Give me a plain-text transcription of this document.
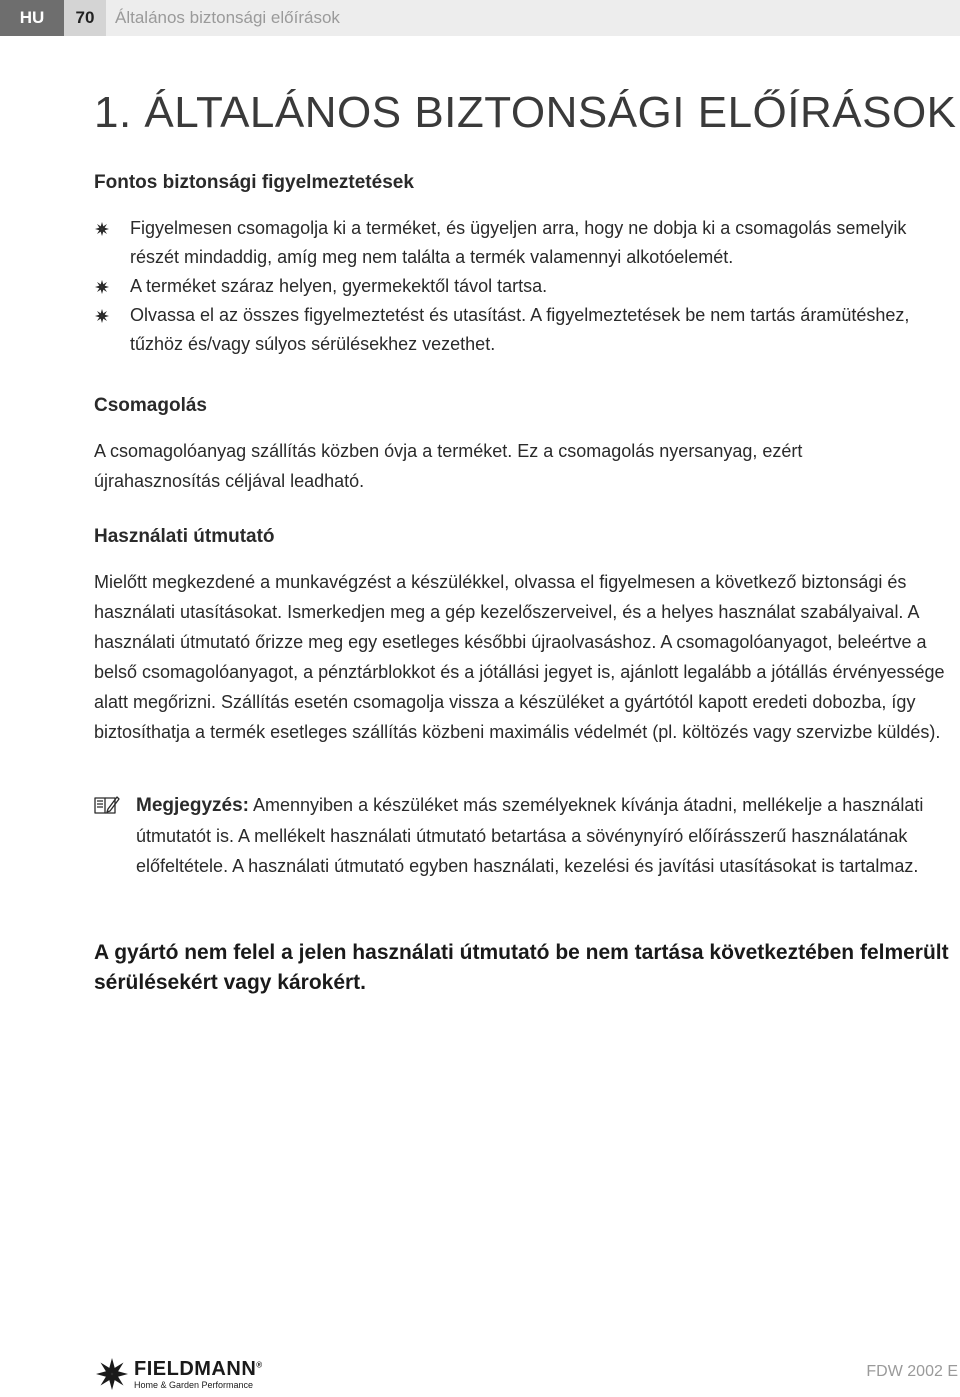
HU	70	Általános biztonsági előírások
1. ÁLTALÁNOS BIZTONSÁGI ELŐÍRÁSOK
Fontos biztonsági figyelmeztetések
Figyelmesen csomagolja ki a terméket, és ügyeljen arra, hogy ne dobja ki a csomagolás semelyik részét mindaddig, amíg meg nem találta a termék valamennyi alkotóelemét.
A terméket száraz helyen, gyermekektől távol tartsa.
Olvassa el az összes figyelmeztetést és utasítást. A figyelmeztetések be nem tartás áramütéshez, tűzhöz és/vagy súlyos sérülésekhez vezethet.
Csomagolás

A csomagolóanyag szállítás közben óvja a terméket. Ez a csomagolás nyersanyag, ezért újrahasznosítás céljával leadható.

Használati útmutató

Mielőtt megkezdené a munkavégzést a készülékkel, olvassa el figyelmesen a következő biztonsági és használati utasításokat. Ismerkedjen meg a gép kezelőszerveivel, és a helyes használat szabályaival. A használati útmutató őrizze meg egy esetleges későbbi újraolvasáshoz. A csomagolóanyagot, beleértve a belső csomagolóanyagot, a pénztárblokkot és a jótállási jegyet is, ajánlott legalább a jótállás érvényessége alatt megőrizni. Szállítás esetén csomagolja vissza a készüléket a gyártótól kapott eredeti dobozba, így biztosíthatja a termék esetleges szállítás közbeni maximális védelmét (pl. költözés vagy szervizbe küldés).

Megjegyzés: Amennyiben a készüléket más személyeknek kívánja átadni, mellékelje a használati útmutatót is. A mellékelt használati útmutató betartása a sövénynyíró előírásszerű használatának előfeltétele. A használati útmutató egyben használati, kezelési és javítási utasításokat is tartalmaz.

A gyártó nem felel a jelen használati útmutató be nem tartása következtében felmerült sérülésekért vagy károkért.

FIELDMANN®
Home & Garden Performance
FDW 2002 E
